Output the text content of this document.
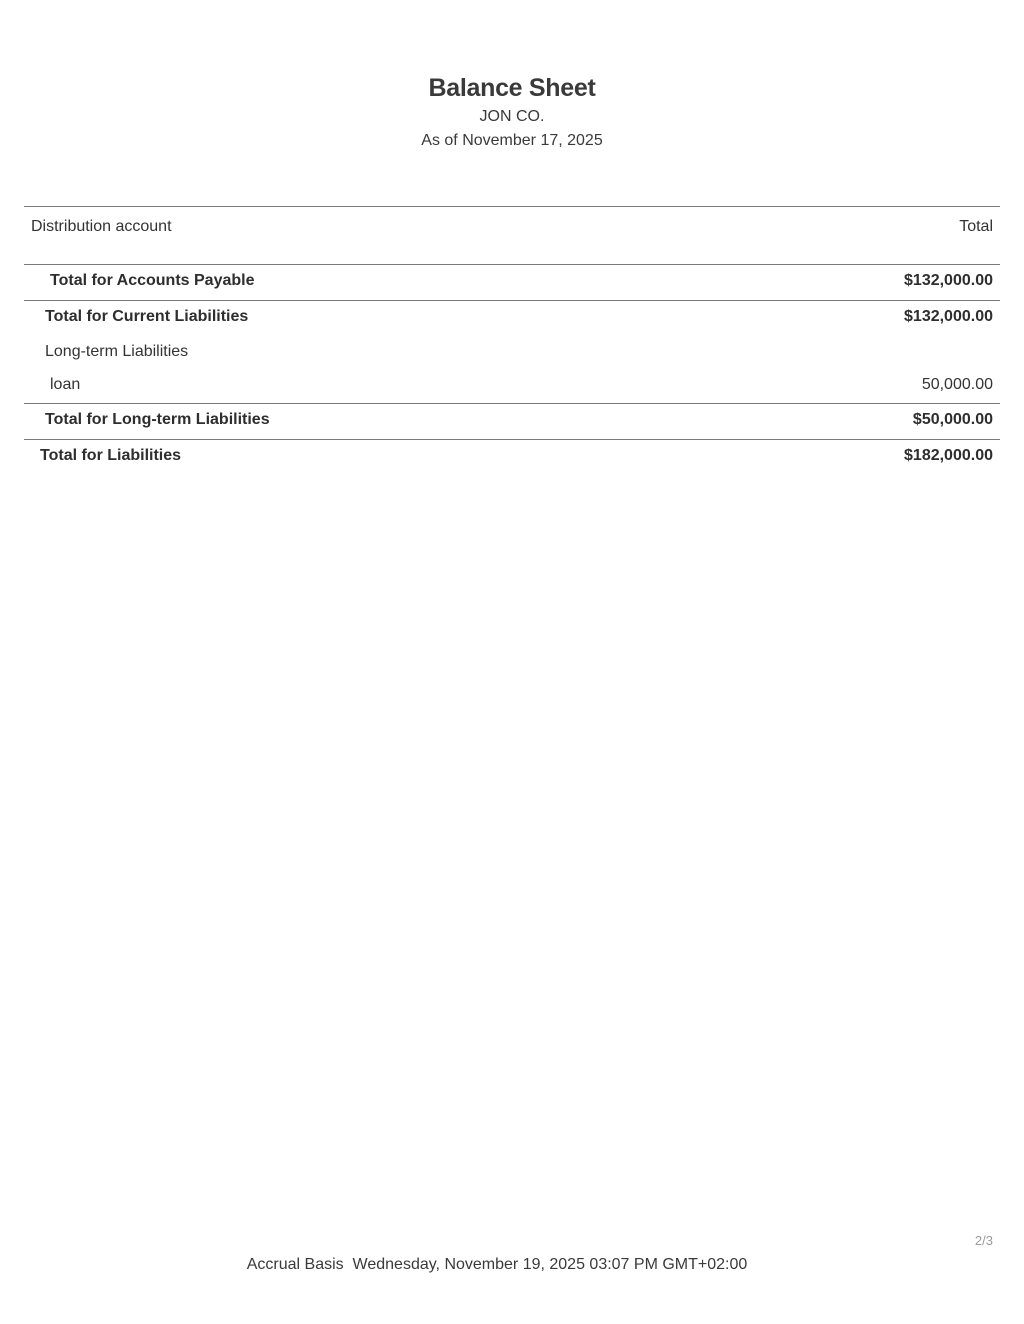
Balance Sheet
JON CO.
As of November 17, 2025
Distribution account	Total
Total for Accounts Payable	$132,000.00
Total for Current Liabilities	$132,000.00
Long-term Liabilities
loan	50,000.00
Total for Long-term Liabilities	$50,000.00
Total for Liabilities	$182,000.00
2/3
Accrual Basis Wednesday, November 19, 2025 03:07 PM GMT+02:00
